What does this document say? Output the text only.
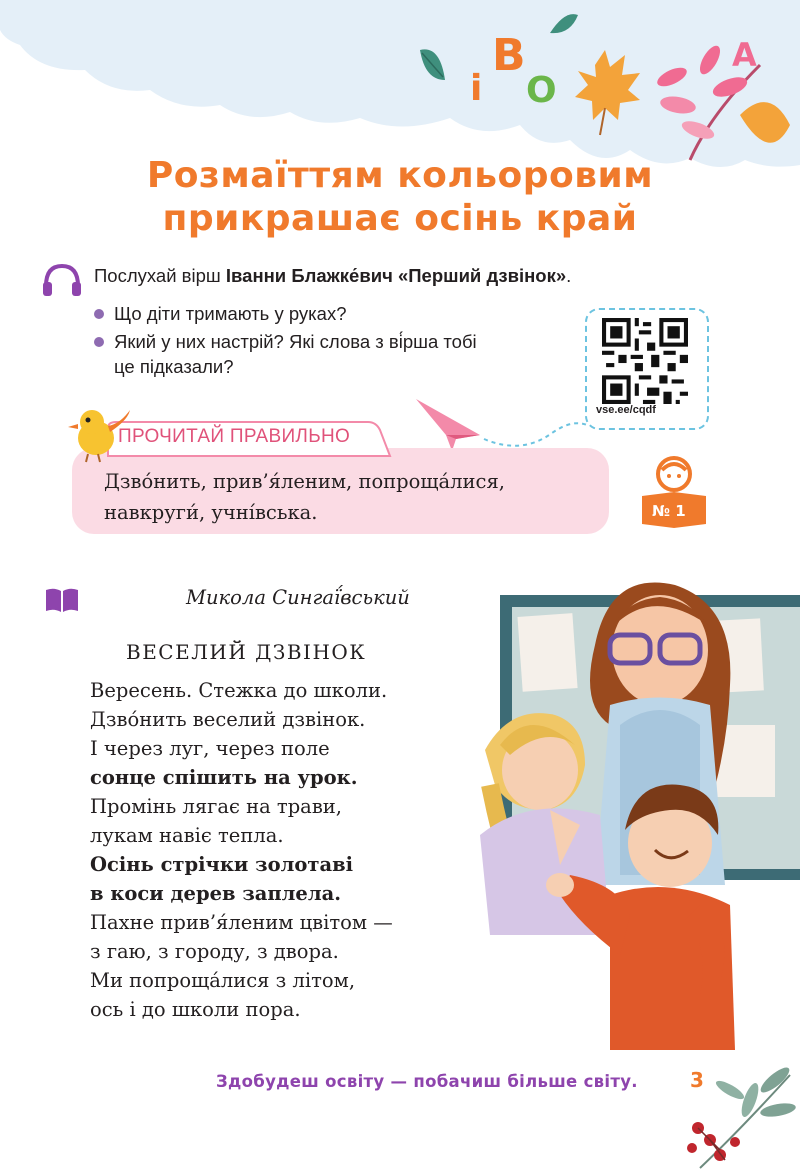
і
В
О
А
Розмаїттям кольоровим
прикрашає осінь край
Послухай вірш Іванни Блажке́вич «Перший дзвінок».
Що діти тримають у руках?
Який у них настрій? Які слова з ві́рша тобі
це підказали?
vse.ee/cqdf
ПРОЧИТАЙ ПРАВИЛЬНО
Дзво́нить, прив’я́леним, попроща́лися,
навкруги́, учні́вська.	№ 1
Микола Сингаї́вський
ВЕСЕЛИЙ ДЗВІНОК
Вересень. Стежка до школи.
Дзво́нить веселий дзвінок.
І через луг, через поле
сонце спішить на урок.
Промінь лягає на трави,
лукам навіє тепла.
Осінь стрічки золотаві
в коси дерев заплела.
Пахне прив’я́леним цвітом —
з гаю, з городу, з двора.
Ми попроща́лися з літом,
ось і до школи пора.
Здобудеш освіту — побачиш більше світу.	3
